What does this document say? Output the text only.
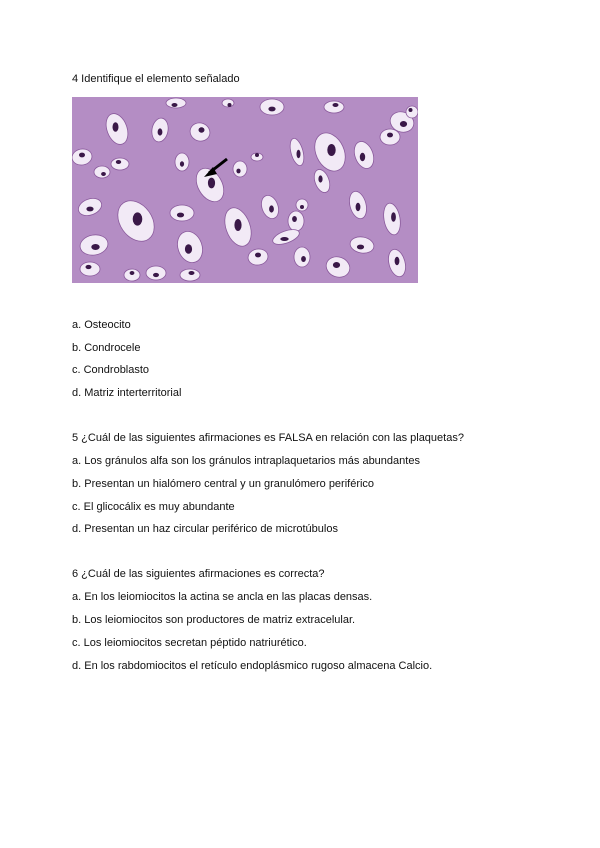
4 Identifique el elemento señalado
a. Osteocito
b. Condrocele
c. Condroblasto
d. Matriz interterritorial
5 ¿Cuál de las siguientes afirmaciones es FALSA en relación con las plaquetas?
a. Los gránulos alfa son los gránulos intraplaquetarios más abundantes
b. Presentan un hialómero central y un granulómero periférico
c. El glicocálix es muy abundante
d. Presentan un haz circular periférico de microtúbulos
6 ¿Cuál de las siguientes afirmaciones es correcta?
a. En los leiomiocitos la actina se ancla en las placas densas.
b. Los leiomiocitos son productores de matriz extracelular.
c. Los leiomiocitos secretan péptido natriurético.
d. En los rabdomiocitos el retículo endoplásmico rugoso almacena Calcio.
